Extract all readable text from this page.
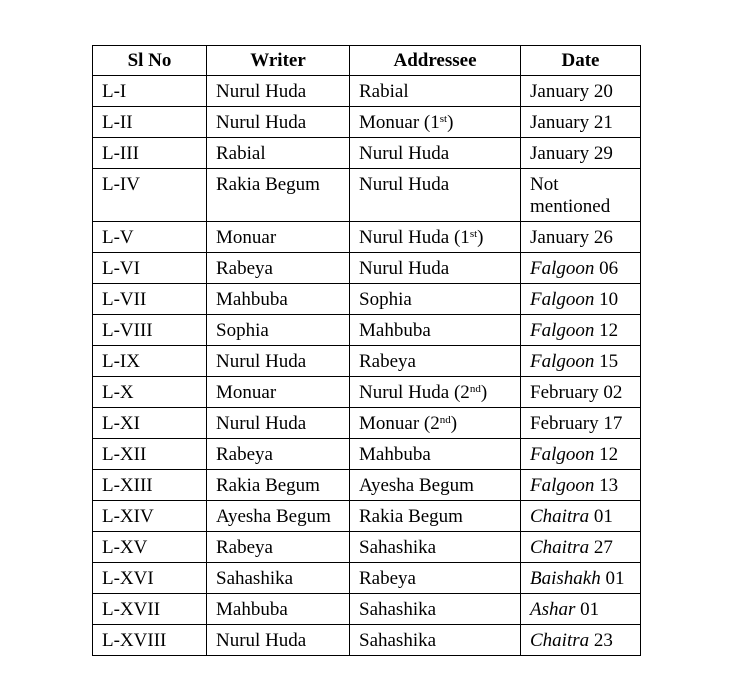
Sl No	Writer	Addressee	Date
L-I	Nurul Huda	Rabial	January 20

L-II	Nurul Huda	Monuar (1st)	January 21

L-III	Rabial	Nurul Huda	January 29

L-IV	Rakia Begum	Nurul Huda	Not mentioned

L-V	Monuar	Nurul Huda (1st)	January 26

L-VI	Rabeya	Nurul Huda	Falgoon 06

L-VII	Mahbuba	Sophia	Falgoon 10

L-VIII	Sophia	Mahbuba	Falgoon 12

L-IX	Nurul Huda	Rabeya	Falgoon 15

L-X	Monuar	Nurul Huda (2nd)	February 02

L-XI	Nurul Huda	Monuar (2nd)	February 17

L-XII	Rabeya	Mahbuba	Falgoon 12

L-XIII	Rakia Begum	Ayesha Begum	Falgoon 13

L-XIV	Ayesha Begum	Rakia Begum	Chaitra 01

L-XV	Rabeya	Sahashika	Chaitra 27

L-XVI	Sahashika	Rabeya	Baishakh 01

L-XVII	Mahbuba	Sahashika	Ashar 01

L-XVIII	Nurul Huda	Sahashika	Chaitra 23
